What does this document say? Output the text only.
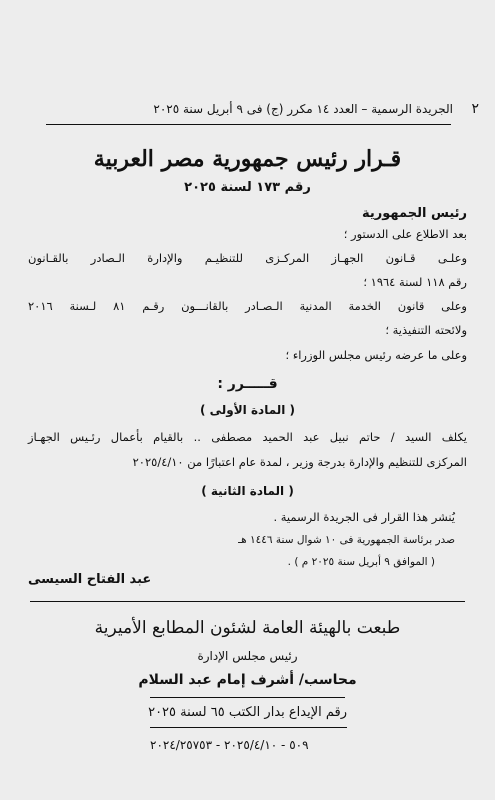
٢
الجريدة الرسمية – العدد ١٤ مكرر (ج) فى ٩ أبريل سنة ٢٠٢٥
قـرار رئيس جمهورية مصر العربية
رقم ١٧٣ لسنة ٢٠٢٥
رئيس الجمهورية
بعد الاطلاع على الدستور ؛
وعلـى قـانون الجهـاز المركـزى للتنظيـم والإدارة الـصادر بالقـانون
رقم ١١٨ لسنة ١٩٦٤ ؛
وعلى قانون الخدمة المدنية الـصـادر بالقانـــون رقـم ٨١ لـسنة ٢٠١٦
ولائحته التنفيذية ؛
وعلى ما عرضه رئيس مجلس الوزراء ؛
قـــــرر :
( المادة الأولى )
يكلف السيد / حاتم نبيل عبد الحميد مصطفى .. بالقيام بأعمال رئـيس الجهـاز
المركزى للتنظيم والإدارة بدرجة وزير ، لمدة عام اعتبارًا من ٢٠٢٥/٤/١٠
( المادة الثانية )
يُنشر هذا القرار فى الجريدة الرسمية .
صدر برئاسة الجمهورية فى ١٠ شوال سنة ١٤٤٦ هـ
( الموافق ٩ أبريل سنة ٢٠٢٥ م ) .
عبد الفتاح السيسى
طبعت بالهيئة العامة لشئون المطابع الأميرية
رئيس مجلس الإدارة
محاسب/ أشرف إمام عبد السلام
رقم الإيداع بدار الكتب ٦٥ لسنة ٢٠٢٥
٥٠٩ - ٢٠٢٥/٤/١٠ - ٢٠٢٤/٢٥٧٥٣
